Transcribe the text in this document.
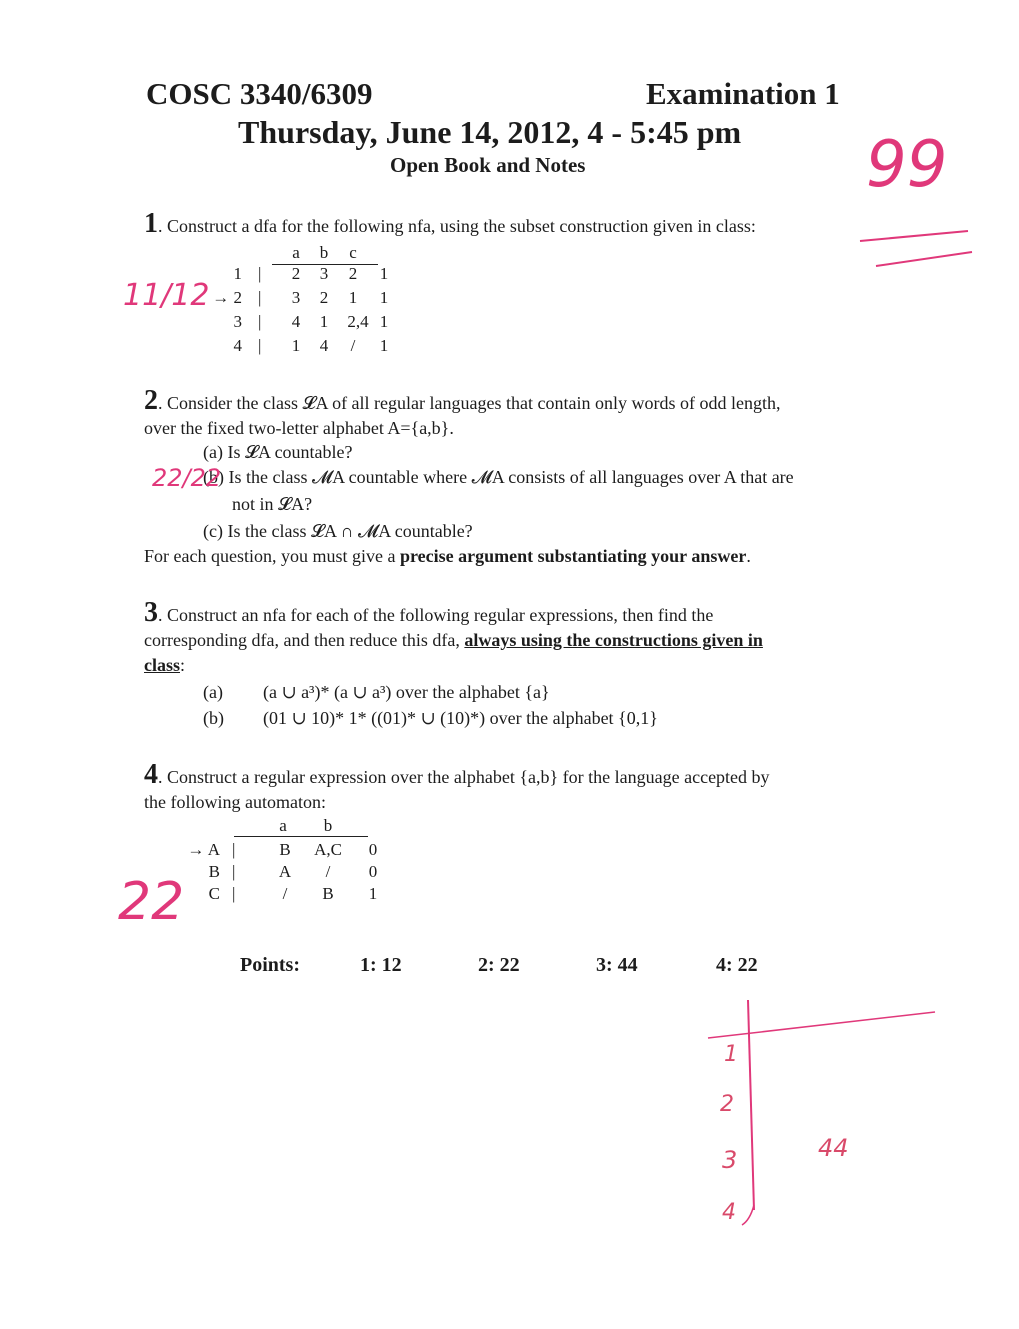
COSC 3340/6309	Examination 1
Thursday, June 14, 2012, 4 - 5:45 pm
Open Book and Notes
1. Construct a dfa for the following nfa, using the subset construction given in class:
a	b	c
1 |	2	3	2	1
→ 2 |	3	2	1	1
3 |	4	1	2,4 1
4 |	1	4	/	1
2. Consider the class 𝓛A of all regular languages that contain only words of odd length,
over the fixed two-letter alphabet A={a,b}.
(a) Is 𝓛A countable?
(b) Is the class 𝓜A countable where 𝓜A consists of all languages over A that are
not in 𝓛A?
(c) Is the class 𝓛A ∩ 𝓜A countable?
For each question, you must give a precise argument substantiating your answer.
3. Construct an nfa for each of the following regular expressions, then find the
corresponding dfa, and then reduce this dfa, always using the constructions given in
class:
(a) (a ∪ a³)* (a ∪ a³) over the alphabet {a}
(b) (01 ∪ 10)* 1* ((01)* ∪ (10)*) over the alphabet {0,1}
4. Construct a regular expression over the alphabet {a,b} for the language accepted by
the following automaton:
a	b
→ A |	B	A,C	0
B |	A	/	0
C |	/	B	1
Points:	1: 12	2: 22	3: 44	4: 22
99
11/12
22/22
22
1
2
3
4
44
